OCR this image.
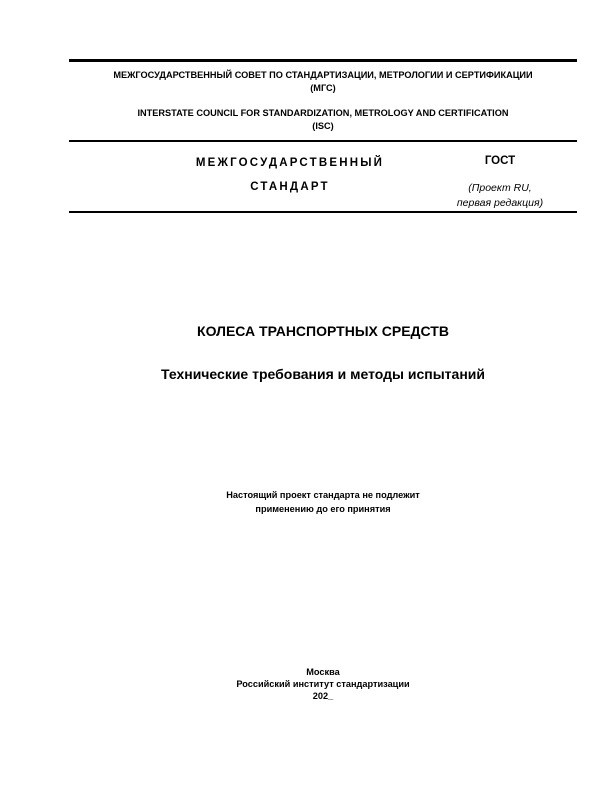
МЕЖГОСУДАРСТВЕННЫЙ СОВЕТ ПО СТАНДАРТИЗАЦИИ, МЕТРОЛОГИИ И СЕРТИФИКАЦИИ
(МГС)
INTERSTATE COUNCIL FOR STANDARDIZATION, METROLOGY AND CERTIFICATION
(ISC)
МЕЖГОСУДАРСТВЕННЫЙ
СТАНДАРТ
ГОСТ
(Проект RU,
первая редакция)
КОЛЕСА ТРАНСПОРТНЫХ СРЕДСТВ
Технические требования и методы испытаний
Настоящий проект стандарта не подлежит
применению до его принятия
Москва
Российский институт стандартизации
202_
